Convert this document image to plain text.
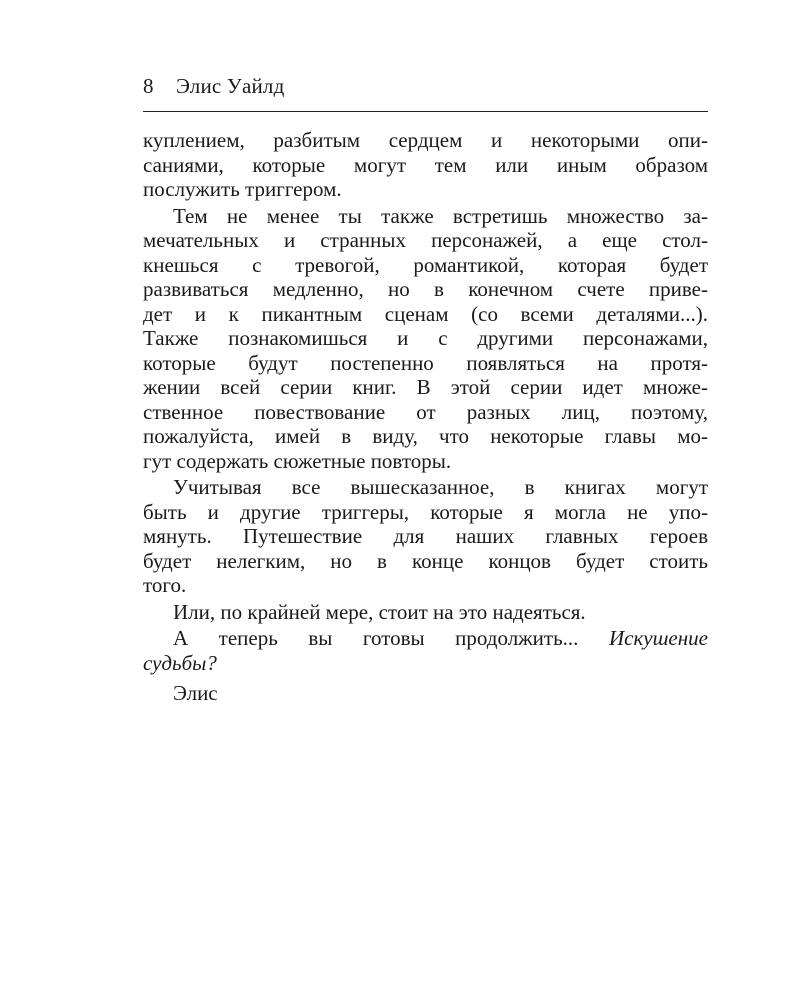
8 Элис Уайлд

куплением, разбитым сердцем и некоторыми опи-
саниями, которые могут тем или иным образом
послужить триггером.

Тем не менее ты также встретишь множество за-
мечательных и странных персонажей, а еще стол-
кнешься с тревогой, романтикой, которая будет
развиваться медленно, но в конечном счете приве-
дет и к пикантным сценам (со всеми деталями...).
Также познакомишься и с другими персонажами,
которые будут постепенно появляться на протя-
жении всей серии книг. В этой серии идет множе-
ственное повествование от разных лиц, поэтому,
пожалуйста, имей в виду, что некоторые главы мо-
гут содержать сюжетные повторы.

Учитывая все вышесказанное, в книгах могут
быть и другие триггеры, которые я могла не упо-
мянуть. Путешествие для наших главных героев
будет нелегким, но в конце концов будет стоить
того.

Или, по крайней мере, стоит на это надеяться.

А теперь вы готовы продолжить... Искушение
судьбы?

Элис
